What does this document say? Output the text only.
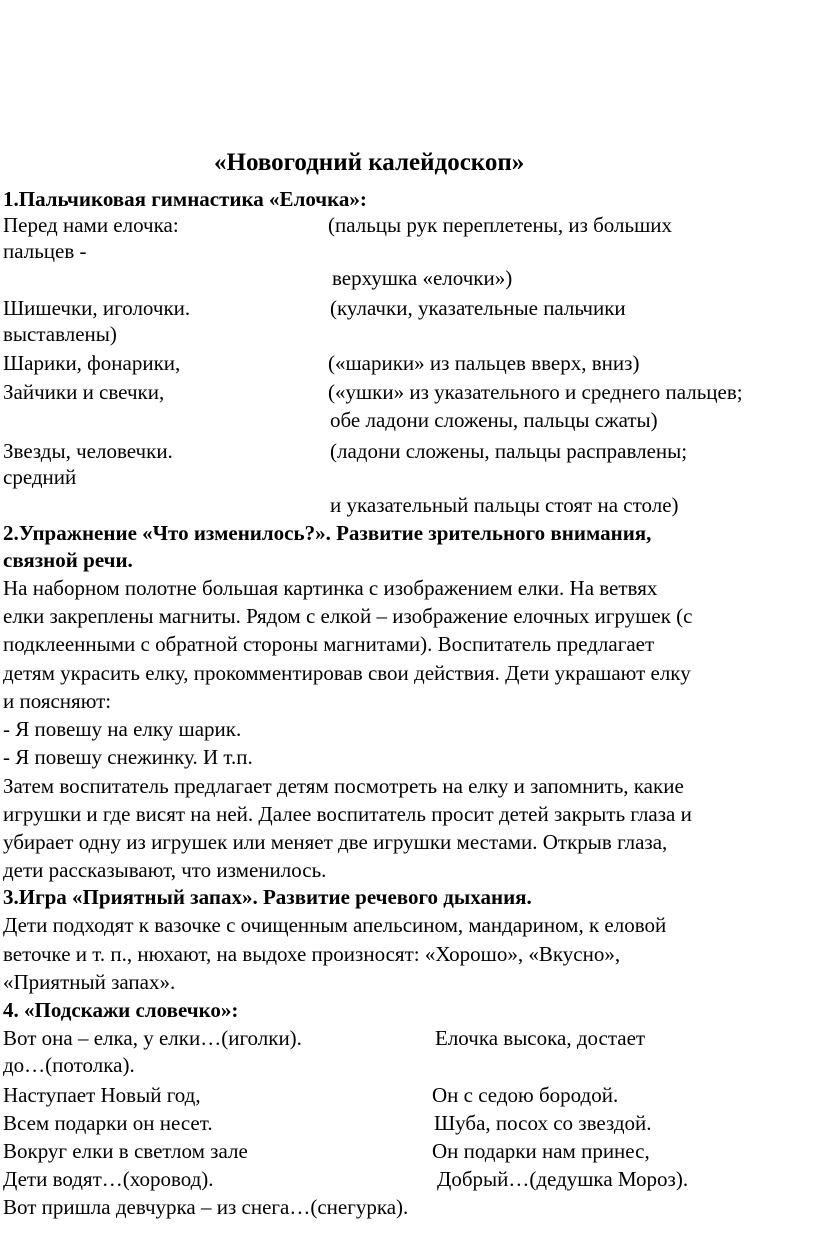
«Новогодний калейдоскоп»
1.Пальчиковая гимнастика «Елочка»:
Перед нами елочка:	(пальцы рук переплетены, из больших
пальцев -
верхушка «елочки»)
Шишечки, иголочки.	(кулачки, указательные пальчики
выставлены)
Шарики, фонарики,	(«шарики» из пальцев вверх, вниз)
Зайчики и свечки,	(«ушки» из указательного и среднего пальцев;
обе ладони сложены, пальцы сжаты)
Звезды, человечки.	(ладони сложены, пальцы расправлены;
средний
и указательный пальцы стоят на столе)
2.Упражнение «Что изменилось?». Развитие зрительного внимания,
связной речи.
На наборном полотне большая картинка с изображением елки. На ветвях
елки закреплены магниты. Рядом с елкой – изображение елочных игрушек (с
подклеенными с обратной стороны магнитами). Воспитатель предлагает
детям украсить елку, прокомментировав свои действия. Дети украшают елку
и поясняют:
- Я повешу на елку шарик.
- Я повешу снежинку. И т.п.
Затем воспитатель предлагает детям посмотреть на елку и запомнить, какие
игрушки и где висят на ней. Далее воспитатель просит детей закрыть глаза и
убирает одну из игрушек или меняет две игрушки местами. Открыв глаза,
дети рассказывают, что изменилось.
3.Игра «Приятный запах». Развитие речевого дыхания.
Дети подходят к вазочке с очищенным апельсином, мандарином, к еловой
веточке и т. п., нюхают, на выдохе произносят: «Хорошо», «Вкусно»,
«Приятный запах».
4. «Подскажи словечко»:
Вот она – елка, у елки…(иголки).	Елочка высока, достает
до…(потолка).
Наступает Новый год,	Он с седою бородой.
Всем подарки он несет.	Шуба, посох со звездой.
Вокруг елки в светлом зале	Он подарки нам принес,
Дети водят…(хоровод).	Добрый…(дедушка Мороз).
Вот пришла девчурка – из снега…(снегурка).
